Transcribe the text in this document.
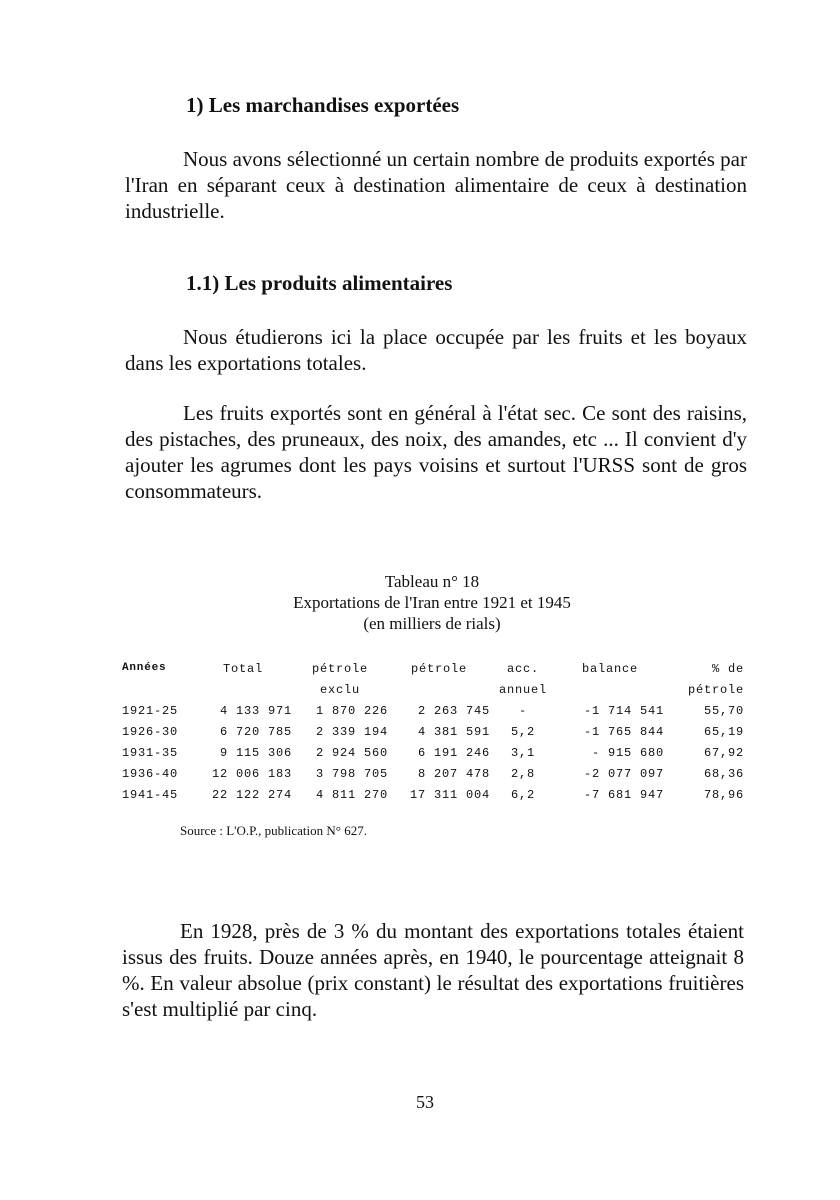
1) Les marchandises exportées

Nous avons sélectionné un certain nombre de produits exportés par l'Iran en séparant ceux à destination alimentaire de ceux à destination industrielle.

1.1) Les produits alimentaires

Nous étudierons ici la place occupée par les fruits et les boyaux dans les exportations totales.

Les fruits exportés sont en général à l'état sec. Ce sont des raisins, des pistaches, des pruneaux, des noix, des amandes, etc ... Il convient d'y ajouter les agrumes dont les pays voisins et surtout l'URSS sont de gros consommateurs.

Tableau n° 18
Exportations de l'Iran entre 1921 et 1945
(en milliers de rials)
Années	Total	pétrole	pétrole	acc.	balance	% de
		exclu		annuel		pétrole
1921-25	4 133 971	1 870 226	2 263 745	-	-1 714 541	55,70
1926-30	6 720 785	2 339 194	4 381 591	5,2	-1 765 844	65,19
1931-35	9 115 306	2 924 560	6 191 246	3,1	- 915 680	67,92
1936-40	12 006 183	3 798 705	8 207 478	2,8	-2 077 097	68,36
1941-45	22 122 274	4 811 270	17 311 004	6,2	-7 681 947	78,96
Source : L'O.P., publication N° 627.

En 1928, près de 3 % du montant des exportations totales étaient issus des fruits. Douze années après, en 1940, le pourcentage atteignait 8 %. En valeur absolue (prix constant) le résultat des exportations fruitières s'est multiplié par cinq.

53
